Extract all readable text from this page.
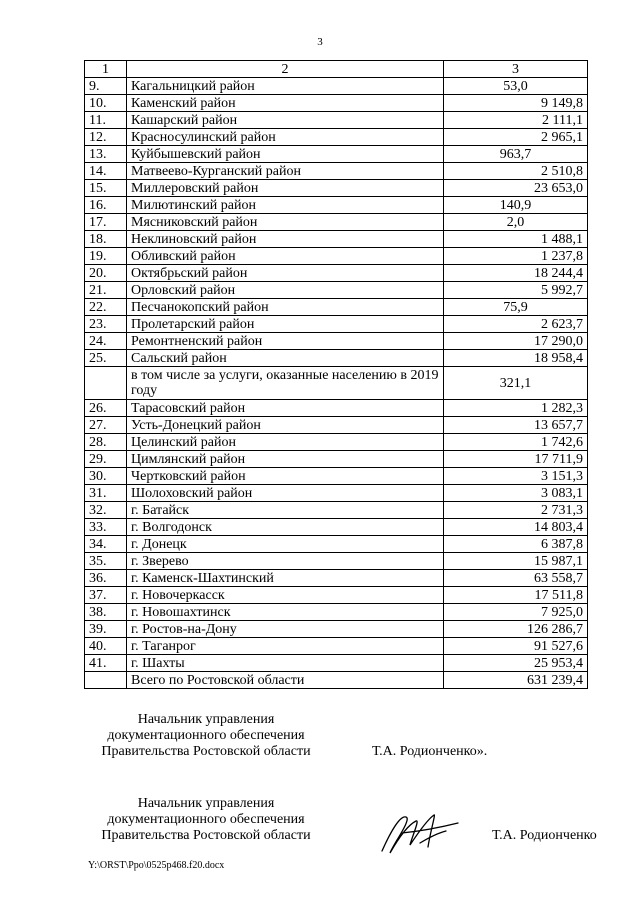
3
1	2	3
9.	Кагальницкий район	53,0
10.	Каменский район	9 149,8
11.	Кашарский район	2 111,1
12.	Красносулинский район	2 965,1
13.	Куйбышевский район	963,7
14.	Матвеево-Курганский район	2 510,8
15.	Миллеровский район	23 653,0
16.	Милютинский район	140,9
17.	Мясниковский район	2,0
18.	Неклиновский район	1 488,1
19.	Обливский район	1 237,8
20.	Октябрьский район	18 244,4
21.	Орловский район	5 992,7
22.	Песчанокопский район	75,9
23.	Пролетарский район	2 623,7
24.	Ремонтненский район	17 290,0
25.	Сальский район	18 958,4
	в том числе за услуги, оказанные населению в 2019 году	321,1
26.	Тарасовский район	1 282,3
27.	Усть-Донецкий район	13 657,7
28.	Целинский район	1 742,6
29.	Цимлянский район	17 711,9
30.	Чертковский район	3 151,3
31.	Шолоховский район	3 083,1
32.	г. Батайск	2 731,3
33.	г. Волгодонск	14 803,4
34.	г. Донецк	6 387,8
35.	г. Зверево	15 987,1
36.	г. Каменск-Шахтинский	63 558,7
37.	г. Новочеркасск	17 511,8
38.	г. Новошахтинск	7 925,0
39.	г. Ростов-на-Дону	126 286,7
40.	г. Таганрог	91 527,6
41.	г. Шахты	25 953,4
	Всего по Ростовской области	631 239,4
Начальник управления
документационного обеспечения
Правительства Ростовской области	Т.А. Родионченко».
Начальник управления
документационного обеспечения
Правительства Ростовской области	Т.А. Родионченко
Y:\ORST\Ppo\0525p468.f20.docx
